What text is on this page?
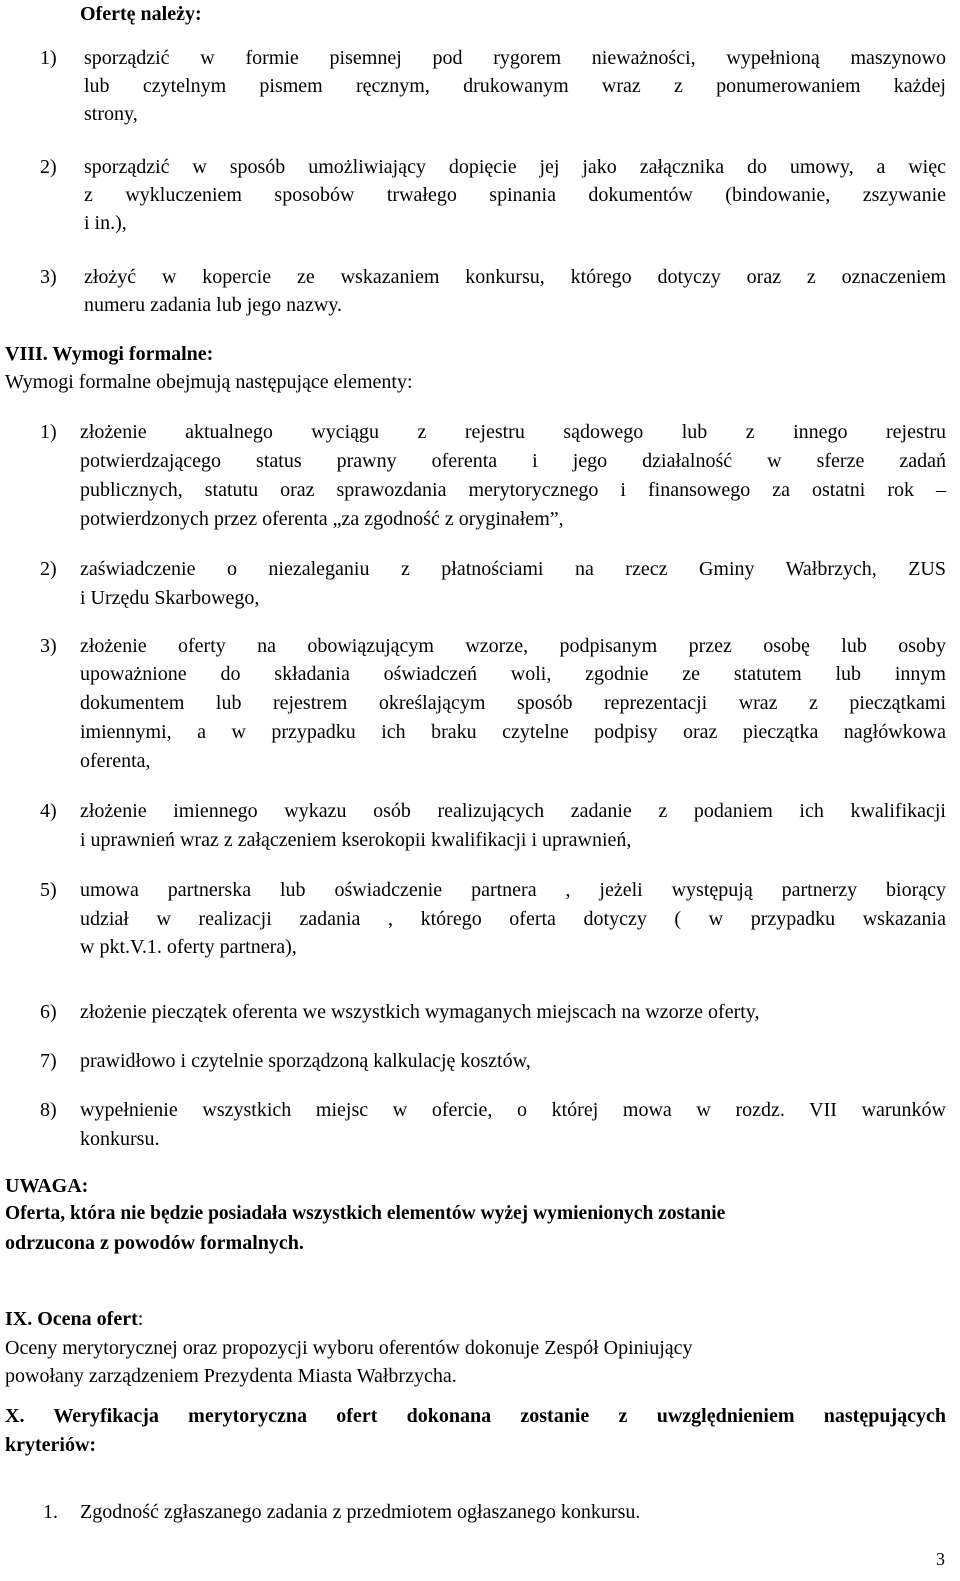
Ofertę należy:
1) sporządzić w formie pisemnej pod rygorem nieważności, wypełnioną maszynowo
lub czytelnym pismem ręcznym, drukowanym wraz z ponumerowaniem każdej
strony,
2) sporządzić w sposób umożliwiający dopięcie jej jako załącznika do umowy, a więc
z wykluczeniem sposobów trwałego spinania dokumentów (bindowanie, zszywanie
i in.),
3) złożyć w kopercie ze wskazaniem konkursu, którego dotyczy oraz z oznaczeniem
numeru zadania lub jego nazwy.
VIII. Wymogi formalne:
Wymogi formalne obejmują następujące elementy:
1) złożenie aktualnego wyciągu z rejestru sądowego lub z innego rejestru
potwierdzającego status prawny oferenta i jego działalność w sferze zadań
publicznych, statutu oraz sprawozdania merytorycznego i finansowego za ostatni rok –
potwierdzonych przez oferenta „za zgodność z oryginałem”,
2) zaświadczenie o niezaleganiu z płatnościami na rzecz Gminy Wałbrzych, ZUS
i Urzędu Skarbowego,
3) złożenie oferty na obowiązującym wzorze, podpisanym przez osobę lub osoby
upoważnione do składania oświadczeń woli, zgodnie ze statutem lub innym
dokumentem lub rejestrem określającym sposób reprezentacji wraz z pieczątkami
imiennymi, a w przypadku ich braku czytelne podpisy oraz pieczątka nagłówkowa
oferenta,
4) złożenie imiennego wykazu osób realizujących zadanie z podaniem ich kwalifikacji
i uprawnień wraz z załączeniem kserokopii kwalifikacji i uprawnień,
5) umowa partnerska lub oświadczenie partnera , jeżeli występują partnerzy biorący
udział w realizacji zadania , którego oferta dotyczy ( w przypadku wskazania
w pkt.V.1. oferty partnera),
6) złożenie pieczątek oferenta we wszystkich wymaganych miejscach na wzorze oferty,
7) prawidłowo i czytelnie sporządzoną kalkulację kosztów,
8) wypełnienie wszystkich miejsc w ofercie, o której mowa w rozdz. VII warunków
konkursu.
UWAGA:
Oferta, która nie będzie posiadała wszystkich elementów wyżej wymienionych zostanie
odrzucona z powodów formalnych.
IX. Ocena ofert:
Oceny merytorycznej oraz propozycji wyboru oferentów dokonuje Zespół Opiniujący
powołany zarządzeniem Prezydenta Miasta Wałbrzycha.
X. Weryfikacja merytoryczna ofert dokonana zostanie z uwzględnieniem następujących
kryteriów:
1. Zgodność zgłaszanego zadania z przedmiotem ogłaszanego konkursu.
3
